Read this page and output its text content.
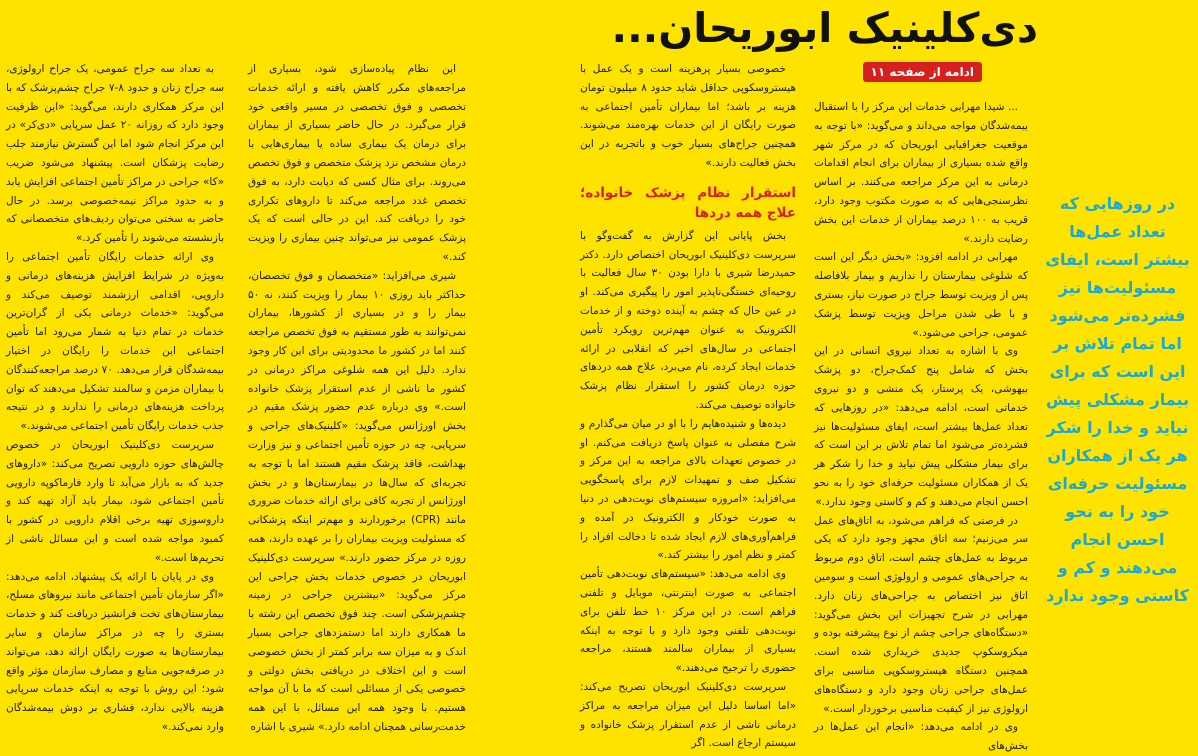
دی‌کلینیک ابوریحان...
ادامه از صفحه ۱۱
در روزهایی که تعداد عمل‌ها بیشتر است، ایفای مسئولیت‌ها نیز فشرده‌تر می‌شود اما تمام تلاش بر این است که برای بیمار مشکلی پیش نیاید و خدا را شکر هر یک از همکاران مسئولیت حرفه‌ای خود را به نحو احسن انجام می‌دهند و کم و کاستی وجود ندارد

... شیدا مهرابی خدمات این مرکز را با استقبال بیمه‌شدگان مواجه می‌داند و می‌گوید: «با توجه به موقعیت جغرافیایی ابوریحان که در مرکز شهر واقع شده بسیاری از بیماران برای انجام اقدامات درمانی به این مرکز مراجعه می‌کنند. بر اساس نظرسنجی‌هایی که به صورت مکتوب وجود دارد، قریب به ۱۰۰ درصد بیماران از خدمات این بخش رضایت دارند.»

مهرابی در ادامه افزود: «بخش دیگر این است که شلوغی بیمارستان را نداریم و بیمار بلافاصله پس از ویزیت توسط جراح در صورت نیاز، بستری و با طی شدن مراحل ویزیت توسط پزشک عمومی، جراحی می‌شود.»

وی با اشاره به تعداد نیروی انسانی در این بخش که شامل پنج کمک‌جراح، دو پزشک بیهوشی، یک پرستار، یک منشی و دو نیروی خدماتی است، ادامه می‌دهد: «در روزهایی که تعداد عمل‌ها بیشتر است، ایفای مسئولیت‌ها نیز فشرده‌تر می‌شود اما تمام تلاش بر این است که برای بیمار مشکلی پیش نیاید و خدا را شکر هر یک از همکاران مسئولیت حرفه‌ای خود را به نحو احسن انجام می‌دهند و کم و کاستی وجود ندارد.»

در فرصتی که فراهم می‌شود، به اتاق‌های عمل سر می‌زنیم؛ سه اتاق مجهز وجود دارد که یکی مربوط به عمل‌های چشم است، اتاق دوم مربوط به جراحی‌های عمومی و ارولوژی است و سومین اتاق نیز اختصاص به جراحی‌های زنان دارد. مهرابی در شرح تجهیزات این بخش می‌گوید: «دستگاه‌های جراحی چشم از نوع پیشرفته بوده و میکروسکوپ جدیدی خریداری شده است. همچنین دستگاه هیستروسکوپی مناسبی برای عمل‌های جراحی زنان وجود دارد و دستگاه‌های ارولوژی نیز از کیفیت مناسبی برخوردار است.»

وی در ادامه می‌دهد: «انجام این عمل‌ها در بخش‌های

خصوصی بسیار پرهزینه است و یک عمل با هیستروسکوپی حداقل شاید حدود ۸ میلیون تومان هزینه بر باشد؛ اما بیماران تأمین اجتماعی به صورت رایگان از این خدمات بهره‌مند می‌شوند. همچنین جراح‌های بسیار خوب و باتجربه در این بخش فعالیت دارند.»

استقرار نظام پزشک خانواده؛ علاج همه دردها

بخش پایانی این گزارش به گفت‌وگو با سرپرست دی‌کلینیک ابوریحان اختصاص دارد. دکتر حمیدرضا شیری با دارا بودن ۳۰ سال فعالیت با روحیه‌ای خستگی‌ناپذیر امور را پیگیری می‌کند. او در عین حال که چشم به آینده دوخته و از خدمات الکترونیک به عنوان مهم‌ترین رویکرد تأمین اجتماعی در سال‌های اخیر که انقلابی در ارائه خدمات ایجاد کرده، نام می‌برد، علاج همه دردهای حوزه درمان کشور را استقرار نظام پزشک خانواده توصیف می‌کند.

دیده‌ها و شنیده‌هایم را با او در میان می‌گذارم و شرح مفصلی به عنوان پاسخ دریافت می‌کنم. او در خصوص تعهدات بالای مراجعه به این مرکز و تشکیل صف و تمهیدات لازم برای پاسخگویی می‌افزاید: «امروزه سیستم‌های نوبت‌دهی در دنیا به صورت خودکار و الکترونیک در آمده و فراهم‌آوری‌های لازم ایجاد شده تا دخالت افراد را کمتر و نظم امور را بیشتر کند.»

وی ادامه می‌دهد: «سیستم‌های نوبت‌دهی تأمین اجتماعی به صورت اینترنتی، موبایل و تلفنی فراهم است. در این مرکز ۱۰ خط تلفن برای نوبت‌دهی تلفنی وجود دارد و با توجه به اینکه بسیاری از بیماران سالمند هستند، مراجعه حضوری را ترجیح می‌دهند.»

سرپرست دی‌کلینیک ابوریحان تصریح می‌کند: «اما اساسا دلیل این میزان مراجعه به مراکز درمانی ناشی از عدم استقرار پزشک خانواده و سیستم ارجاع است. اگر

این نظام پیاده‌سازی شود، بسیاری از مراجعه‌های مکرر کاهش یافته و ارائه خدمات تخصصی و فوق تخصصی در مسیر واقعی خود قرار می‌گیرد. در حال حاضر بسیاری از بیماران برای درمان یک بیماری ساده یا بیماری‌هایی با درمان مشخص نزد پزشک متخصص و فوق تخصص می‌روند. برای مثال کسی که دیابت دارد، به فوق تخصص غدد مراجعه می‌کند تا داروهای تکراری خود را دریافت کند. این در حالی است که یک پزشک عمومی نیز می‌تواند چنین بیماری را ویزیت کند.»

شیری می‌افزاید: «متخصصان و فوق تخصصان، حداکثر باید روزی ۱۰ بیمار را ویزیت کنند، نه ۵۰ بیمار را و در بسیاری از کشورها، بیماران نمی‌توانند به طور مستقیم به فوق تخصص مراجعه کنند اما در کشور ما محدودیتی برای این کار وجود ندارد. دلیل این همه شلوغی مراکز درمانی در کشور ما ناشی از عدم استقرار پزشک خانواده است.» وی درباره عدم حضور پزشک مقیم در بخش اورژانس می‌گوید: «کلینیک‌های جراحی و سرپایی، چه در حوزه تأمین اجتماعی و نیز وزارت بهداشت، فاقد پزشک مقیم هستند اما با توجه به تجربه‌ای که سال‌ها در بیمارستان‌ها و در بخش اورژانس از تجربه کافی برای ارائه خدمات ضروری مانند (CPR) برخوردارند و مهم‌تر اینکه پزشکانی که مسئولیت ویزیت بیماران را بر عهده دارند، همه روزه در مرکز حضور دارند.» سرپرست دی‌کلینیک ابوریحان در خصوص خدمات بخش جراحی این مرکز می‌گوید: «بیشترین جراحی در زمینه چشم‌پزشکی است. چند فوق تخصص این رشته با ما همکاری دارند اما دستمزدهای جراحی بسیار اندک و به میزان سه برابر کمتر از بخش خصوصی است و این اختلاف در دریافتی بخش دولتی و خصوصی یکی از مسائلی است که ما با آن مواجه هستیم. با وجود همه این مسائل، با این همه خدمت‌رسانی همچنان ادامه دارد.» شیری با اشاره

به تعداد سه جراح عمومی، یک جراح ارولوژی، سه جراح زنان و حدود ۸-۷ جراح چشم‌پزشک که با این مرکز همکاری دارند، می‌گوید: «این ظرفیت وجود دارد که روزانه ۲۰ عمل سرپایی «دی‌کر» در این مرکز انجام شود اما این گسترش نیازمند جلب رضایت پزشکان است. پیشنهاد می‌شود ضریب «کا» جراحی در مراکز تأمین اجتماعی افزایش یابد و به حدود مراکز نیمه‌خصوصی برسد. در حال حاضر به سختی می‌توان ردیف‌های متخصصانی که بازنشسته می‌شوند را تأمین کرد.»

وی ارائه خدمات رایگان تأمین اجتماعی را به‌ویژه در شرایط افزایش هزینه‌های درمانی و دارویی، اقدامی ارزشمند توصیف می‌کند و می‌گوید: «خدمات درمانی یکی از گران‌ترین خدمات در تمام دنیا به شمار می‌رود اما تأمین اجتماعی این خدمات را رایگان در اختیار بیمه‌شدگان قرار می‌دهد. ۷۰ درصد مراجعه‌کنندگان با بیماران مزمن و سالمند تشکیل می‌دهند که توان پرداخت هزینه‌های درمانی را ندارند و در نتیجه جذب خدمات رایگان تأمین اجتماعی می‌شوند.»

سرپرست دی‌کلینیک ابوریحان در خصوص چالش‌های حوزه دارویی تصریح می‌کند: «داروهای جدید که به بازار می‌آید تا وارد فارماکوپه دارویی تأمین اجتماعی شود، بیمار باید آزاد تهیه کند و داروسوزی تهیه برخی اقلام دارویی در کشور با کمبود مواجه شده است و این مسائل ناشی از تحریم‌ها است.»

وی در پایان با ارائه یک پیشنهاد، ادامه می‌دهد: «اگر سازمان تأمین اجتماعی مانند نیروهای مسلح، بیمارستان‌های تخت فرانشیز دریافت کند و خدمات بستری را چه در مراکز سازمان و سایر بیمارستان‌ها به صورت رایگان ارائه دهد، می‌تواند در صرفه‌جویی منابع و مصارف سازمان مؤثر واقع شود؛ این روش با توجه به اینکه خدمات سرپایی هزینه بالایی ندارد، فشاری بر دوش بیمه‌شدگان وارد نمی‌کند.»
